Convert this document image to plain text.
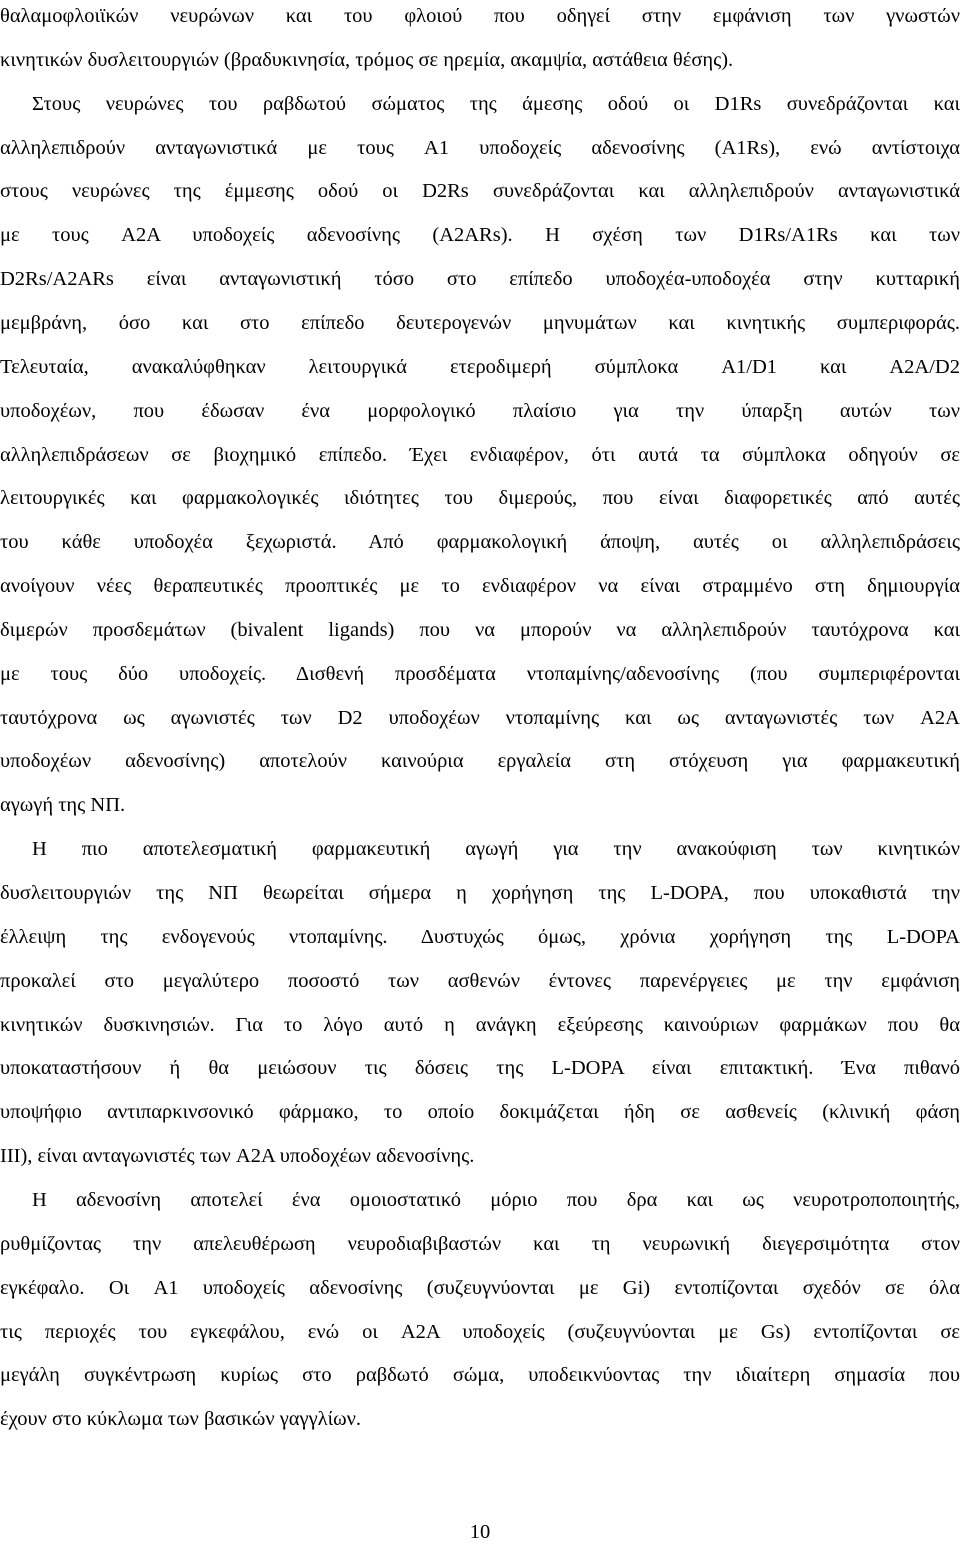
θαλαμοφλοιϊκών νευρώνων και του φλοιού που οδηγεί στην εμφάνιση των γνωστών
κινητικών δυσλειτουργιών (βραδυκινησία, τρόμος σε ηρεμία, ακαμψία, αστάθεια θέσης).
Στους νευρώνες του ραβδωτού σώματος της άμεσης οδού οι D1Rs συνεδράζονται και
αλληλεπιδρούν ανταγωνιστικά με τους A1 υποδοχείς αδενοσίνης (A1Rs), ενώ αντίστοιχα
στους νευρώνες της έμμεσης οδού οι D2Rs συνεδράζονται και αλληλεπιδρούν ανταγωνιστικά
με τους A2A υποδοχείς αδενοσίνης (A2ARs). Η σχέση των D1Rs/A1Rs και των
D2Rs/A2ARs είναι ανταγωνιστική τόσο στο επίπεδο υποδοχέα-υποδοχέα στην κυτταρική
μεμβράνη, όσο και στο επίπεδο δευτερογενών μηνυμάτων και κινητικής συμπεριφοράς.
Τελευταία, ανακαλύφθηκαν λειτουργικά ετεροδιμερή σύμπλοκα A1/D1 και A2A/D2
υποδοχέων, που έδωσαν ένα μορφολογικό πλαίσιο για την ύπαρξη αυτών των
αλληλεπιδράσεων σε βιοχημικό επίπεδο. Έχει ενδιαφέρον, ότι αυτά τα σύμπλοκα οδηγούν σε
λειτουργικές και φαρμακολογικές ιδιότητες του διμερούς, που είναι διαφορετικές από αυτές
του κάθε υποδοχέα ξεχωριστά. Από φαρμακολογική άποψη, αυτές οι αλληλεπιδράσεις
ανοίγουν νέες θεραπευτικές προοπτικές με το ενδιαφέρον να είναι στραμμένο στη δημιουργία
διμερών προσδεμάτων (bivalent ligands) που να μπορούν να αλληλεπιδρούν ταυτόχρονα και
με τους δύο υποδοχείς. Δισθενή προσδέματα ντοπαμίνης/αδενοσίνης (που συμπεριφέρονται
ταυτόχρονα ως αγωνιστές των D2 υποδοχέων ντοπαμίνης και ως ανταγωνιστές των A2A
υποδοχέων αδενοσίνης) αποτελούν καινούρια εργαλεία στη στόχευση για φαρμακευτική
αγωγή της ΝΠ.
Η πιο αποτελεσματική φαρμακευτική αγωγή για την ανακούφιση των κινητικών
δυσλειτουργιών της ΝΠ θεωρείται σήμερα η χορήγηση της L-DOPA, που υποκαθιστά την
έλλειψη της ενδογενούς ντοπαμίνης. Δυστυχώς όμως, χρόνια χορήγηση της L-DOPA
προκαλεί στο μεγαλύτερο ποσοστό των ασθενών έντονες παρενέργειες με την εμφάνιση
κινητικών δυσκινησιών. Για το λόγο αυτό η ανάγκη εξεύρεσης καινούριων φαρμάκων που θα
υποκαταστήσουν ή θα μειώσουν τις δόσεις της L-DOPA είναι επιτακτική. Ένα πιθανό
υποψήφιο αντιπαρκινσονικό φάρμακο, το οποίο δοκιμάζεται ήδη σε ασθενείς (κλινική φάση
ΙΙΙ), είναι ανταγωνιστές των A2A υποδοχέων αδενοσίνης.
Η αδενοσίνη αποτελεί ένα ομοιοστατικό μόριο που δρα και ως νευροτροποποιητής,
ρυθμίζοντας την απελευθέρωση νευροδιαβιβαστών και τη νευρωνική διεγερσιμότητα στον
εγκέφαλο. Οι A1 υποδοχείς αδενοσίνης (συζευγνύονται με Gi) εντοπίζονται σχεδόν σε όλα
τις περιοχές του εγκεφάλου, ενώ οι A2A υποδοχείς (συζευγνύονται με Gs) εντοπίζονται σε
μεγάλη συγκέντρωση κυρίως στο ραβδωτό σώμα, υποδεικνύοντας την ιδιαίτερη σημασία που
έχουν στο κύκλωμα των βασικών γαγγλίων.
10
